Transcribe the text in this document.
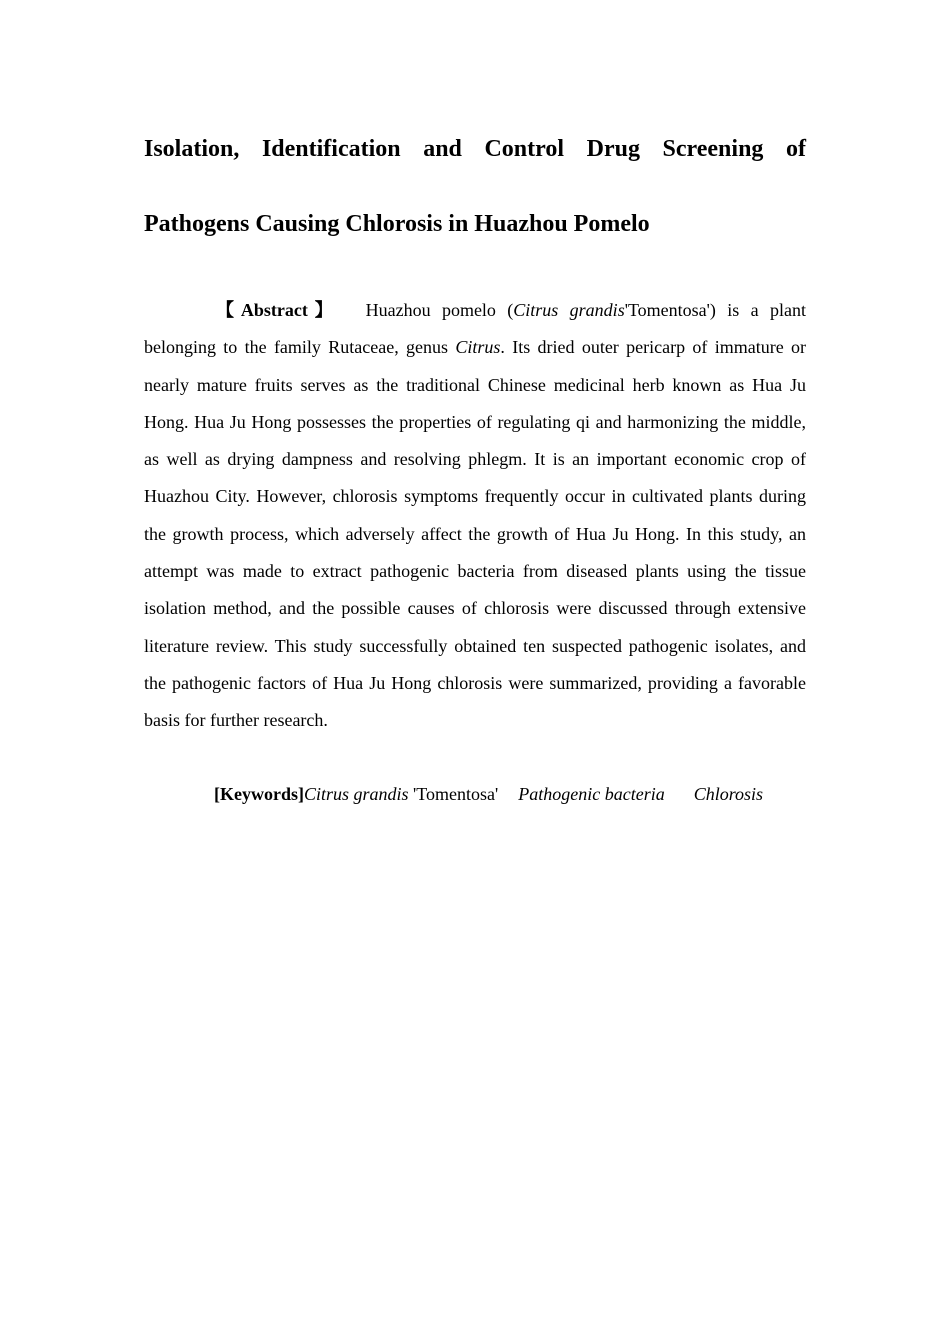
Isolation, Identification and Control Drug Screening of
Pathogens Causing Chlorosis in Huazhou Pomelo

【Abstract】 Huazhou pomelo (Citrus grandis'Tomentosa') is a plant belonging to the family Rutaceae, genus Citrus. Its dried outer pericarp of immature or nearly mature fruits serves as the traditional Chinese medicinal herb known as Hua Ju Hong. Hua Ju Hong possesses the properties of regulating qi and harmonizing the middle, as well as drying dampness and resolving phlegm. It is an important economic crop of Huazhou City. However, chlorosis symptoms frequently occur in cultivated plants during the growth process, which adversely affect the growth of Hua Ju Hong. In this study, an attempt was made to extract pathogenic bacteria from diseased plants using the tissue isolation method, and the possible causes of chlorosis were discussed through extensive literature review. This study successfully obtained ten suspected pathogenic isolates, and the pathogenic factors of Hua Ju Hong chlorosis were summarized, providing a favorable basis for further research.

[Keywords]Citrus grandis 'Tomentosa' Pathogenic bacteria Chlorosis
